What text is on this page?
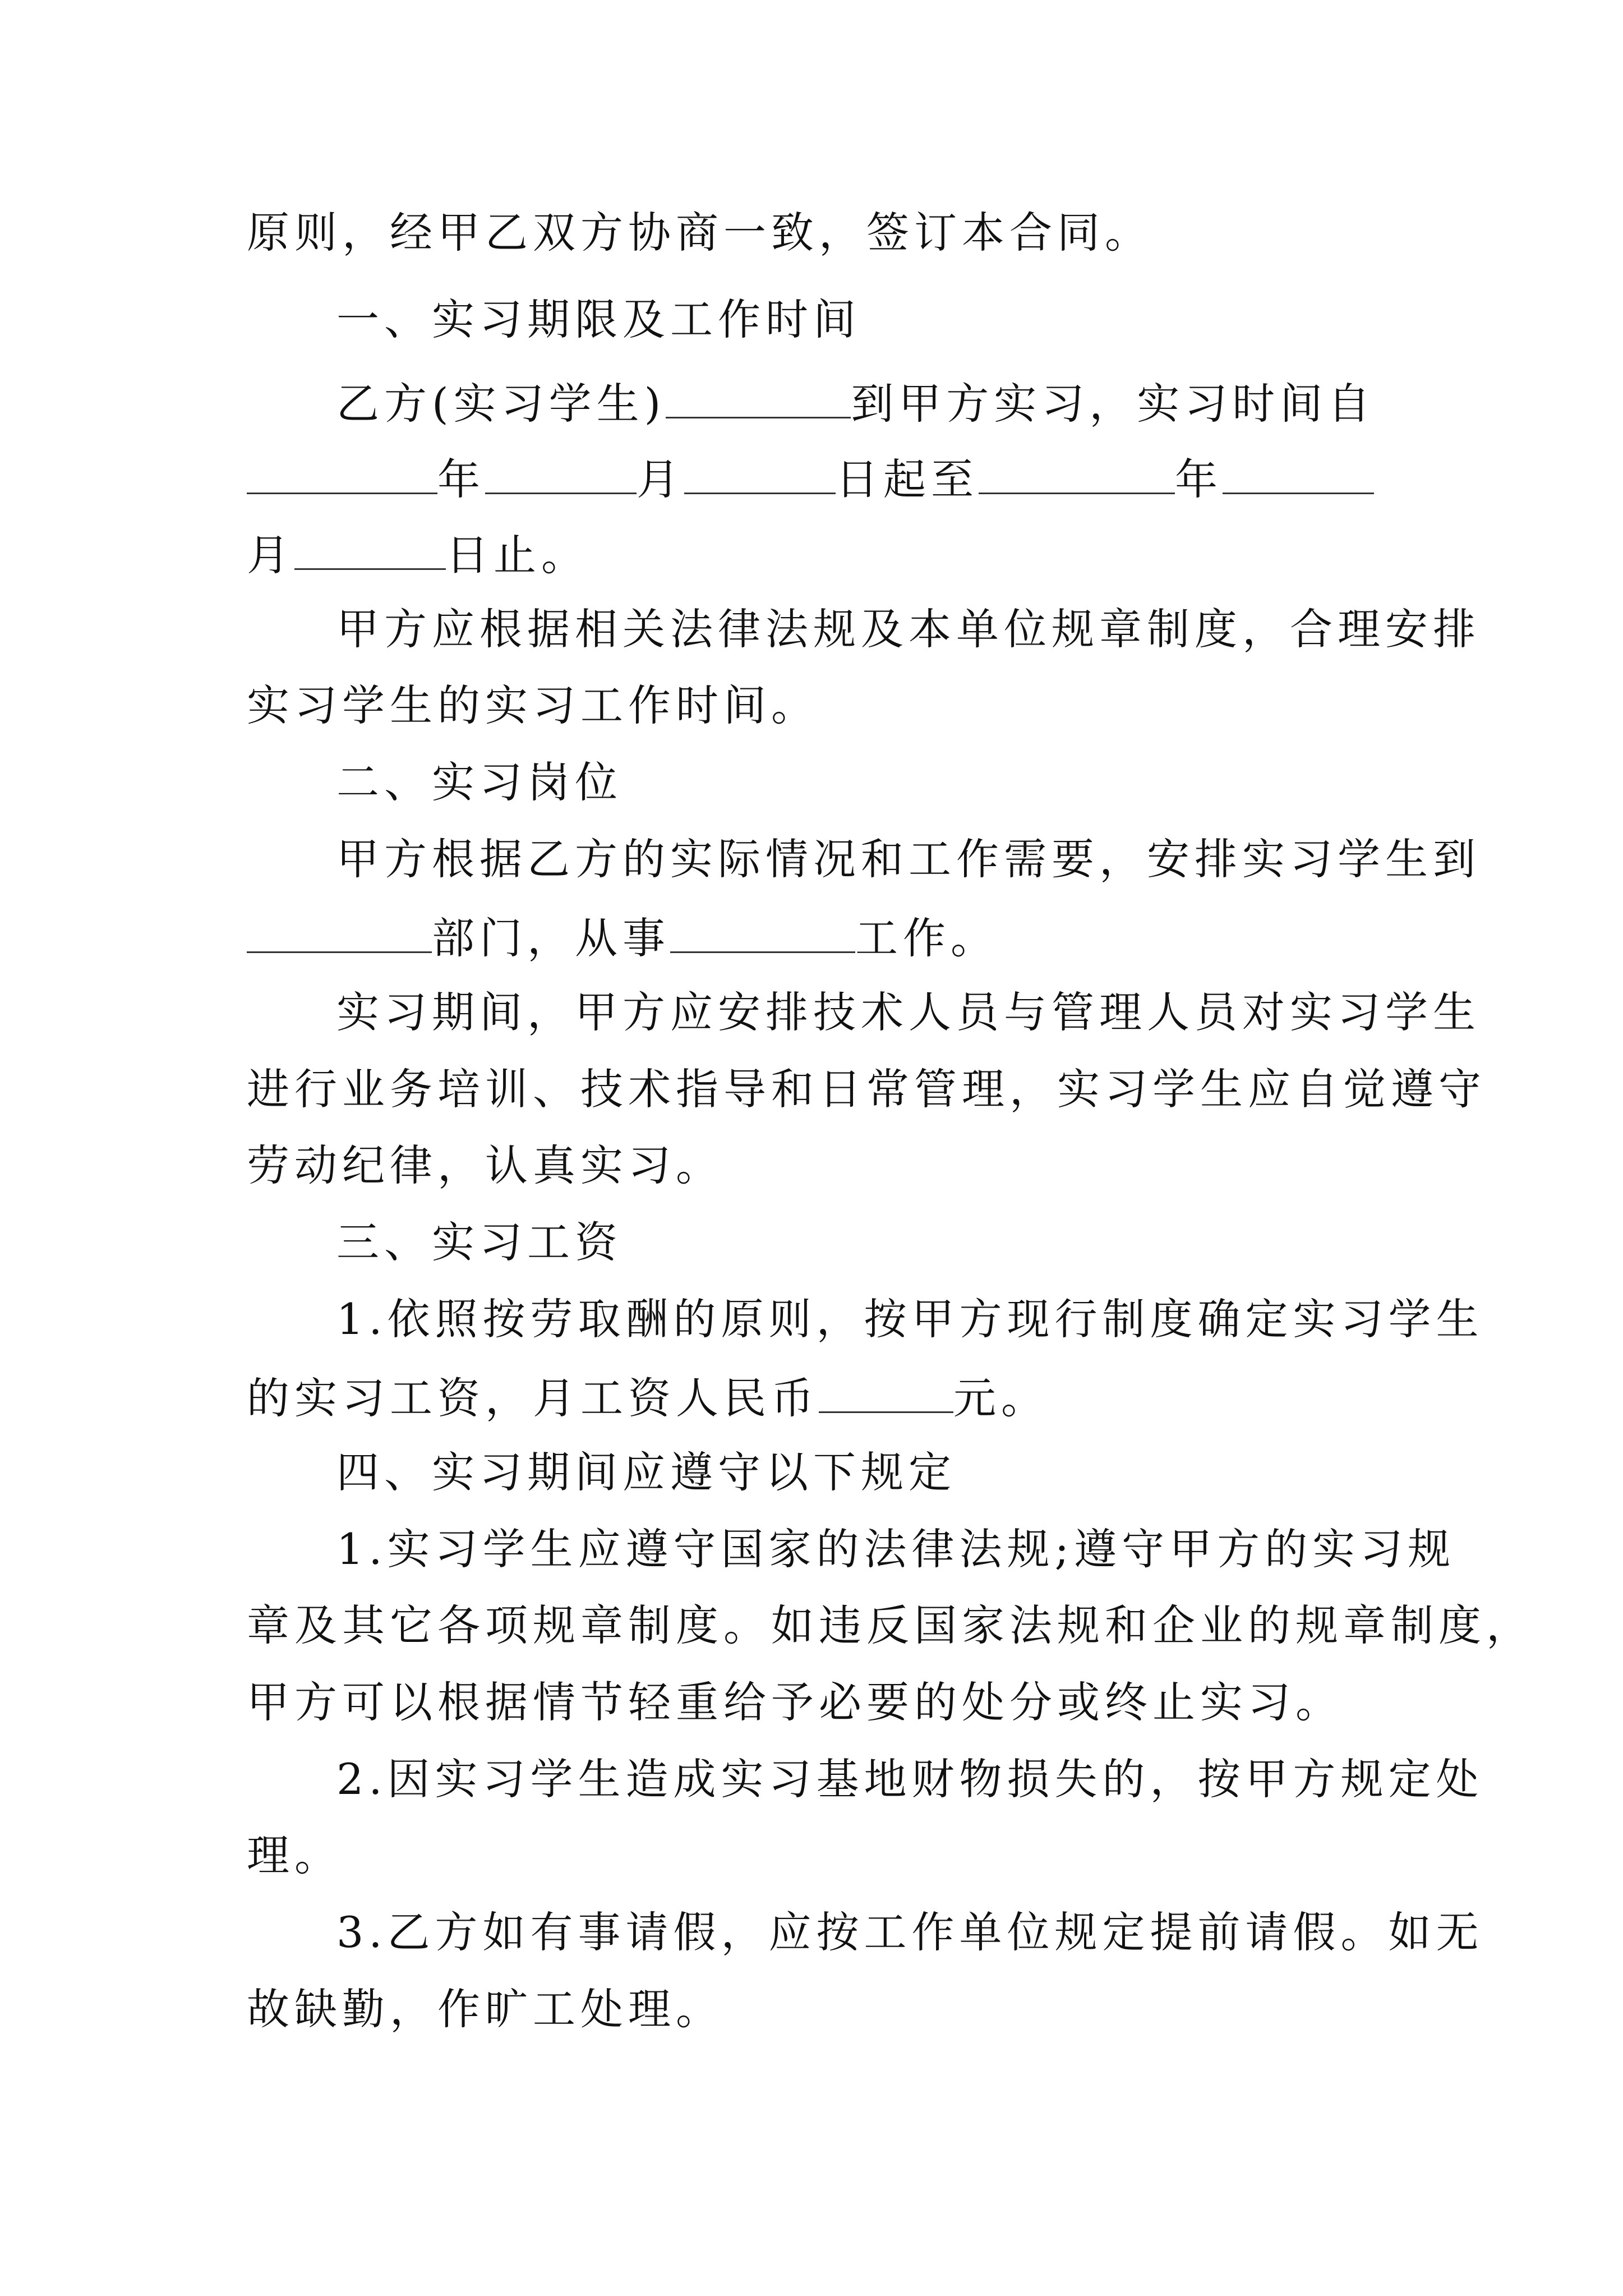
原则，经甲乙双方协商一致，签订本合同。
一、实习期限及工作时间
乙方(实习学生)	到甲方实习，实习时间自
年	月	日起至	年
月	日止。
甲方应根据相关法律法规及本单位规章制度，合理安排
实习学生的实习工作时间。
二、实习岗位
甲方根据乙方的实际情况和工作需要，安排实习学生到
部门，从事	工作。
实习期间，甲方应安排技术人员与管理人员对实习学生
进行业务培训、技术指导和日常管理，实习学生应自觉遵守
劳动纪律，认真实习。
三、实习工资
1.依照按劳取酬的原则，按甲方现行制度确定实习学生
的实习工资，月工资人民币	元。
四、实习期间应遵守以下规定
1.实习学生应遵守国家的法律法规;遵守甲方的实习规
章及其它各项规章制度。如违反国家法规和企业的规章制度，
甲方可以根据情节轻重给予必要的处分或终止实习。
2.因实习学生造成实习基地财物损失的，按甲方规定处
理。
3.乙方如有事请假，应按工作单位规定提前请假。如无
故缺勤，作旷工处理。
